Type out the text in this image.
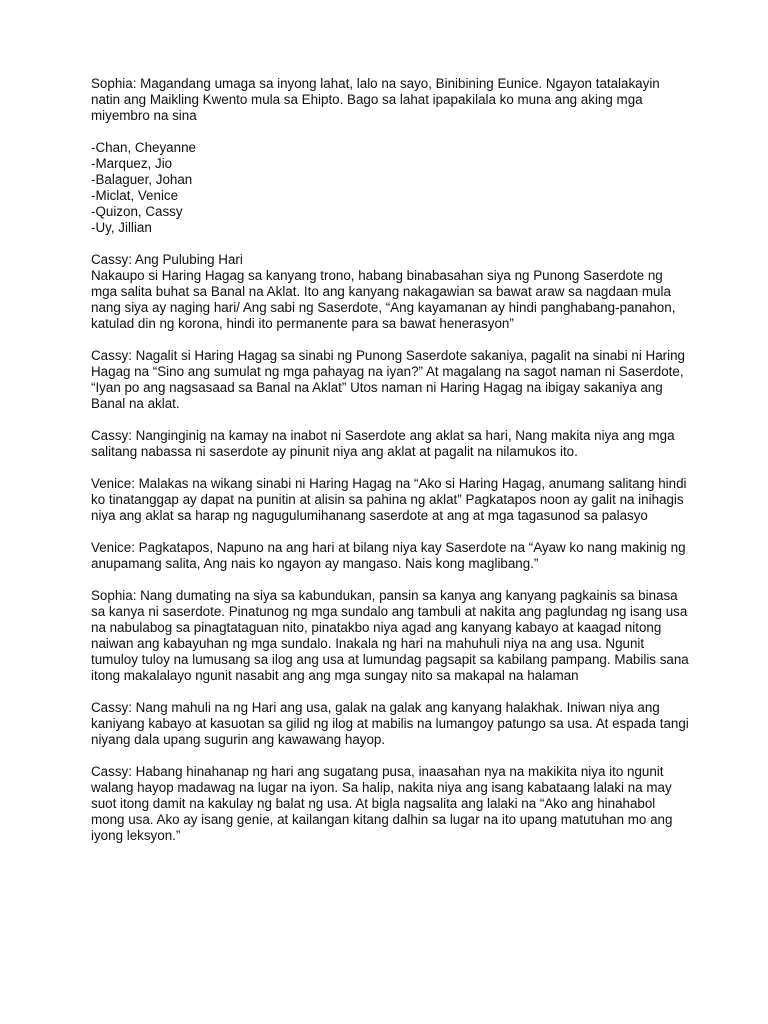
Sophia: Magandang umaga sa inyong lahat, lalo na sayo, Binibining Eunice. Ngayon tatalakayin natin ang Maikling Kwento mula sa Ehipto. Bago sa lahat ipapakilala ko muna ang aking mga miyembro na sina

-Chan, Cheyanne
-Marquez, Jio
-Balaguer, Johan
-Miclat, Venice
-Quizon, Cassy
-Uy, Jillian

Cassy: Ang Pulubing Hari
Nakaupo si Haring Hagag sa kanyang trono, habang binabasahan siya ng Punong Saserdote ng mga salita buhat sa Banal na Aklat. Ito ang kanyang nakagawian sa bawat araw sa nagdaan mula nang siya ay naging hari/ Ang sabi ng Saserdote, “Ang kayamanan ay hindi panghabang-panahon, katulad din ng korona, hindi ito permanente para sa bawat henerasyon”

Cassy: Nagalit si Haring Hagag sa sinabi ng Punong Saserdote sakaniya, pagalit na sinabi ni Haring Hagag na “Sino ang sumulat ng mga pahayag na iyan?” At magalang na sagot naman ni Saserdote, “Iyan po ang nagsasaad sa Banal na Aklat” Utos naman ni Haring Hagag na ibigay sakaniya ang Banal na aklat.

Cassy: Nanginginig na kamay na inabot ni Saserdote ang aklat sa hari, Nang makita niya ang mga salitang nabassa ni saserdote ay pinunit niya ang aklat at pagalit na nilamukos ito.

Venice: Malakas na wikang sinabi ni Haring Hagag na “Ako si Haring Hagag, anumang salitang hindi ko tinatanggap ay dapat na punitin at alisin sa pahina ng aklat” Pagkatapos noon ay galit na inihagis niya ang aklat sa harap ng nagugulumihanang saserdote at ang at mga tagasunod sa palasyo

Venice: Pagkatapos, Napuno na ang hari at bilang niya kay Saserdote na “Ayaw ko nang makinig ng anupamang salita, Ang nais ko ngayon ay mangaso. Nais kong maglibang.”

Sophia: Nang dumating na siya sa kabundukan, pansin sa kanya ang kanyang pagkainis sa binasa sa kanya ni saserdote. Pinatunog ng mga sundalo ang tambuli at nakita ang paglundag ng isang usa na nabulabog sa pinagtataguan nito, pinatakbo niya agad ang kanyang kabayo at kaagad nitong naiwan ang kabayuhan ng mga sundalo. Inakala ng hari na mahuhuli niya na ang usa. Ngunit tumuloy tuloy na lumusang sa ilog ang usa at lumundag pagsapit sa kabilang pampang. Mabilis sana itong makalalayo ngunit nasabit ang ang mga sungay nito sa makapal na halaman

Cassy: Nang mahuli na ng Hari ang usa, galak na galak ang kanyang halakhak. Iniwan niya ang kaniyang kabayo at kasuotan sa gilid ng ilog at mabilis na lumangoy patungo sa usa. At espada tangi niyang dala upang sugurin ang kawawang hayop.

Cassy: Habang hinahanap ng hari ang sugatang pusa, inaasahan nya na makikita niya ito ngunit walang hayop madawag na lugar na iyon. Sa halip, nakita niya ang isang kabataang lalaki na may suot itong damit na kakulay ng balat ng usa. At bigla nagsalita ang lalaki na “Ako ang hinahabol mong usa. Ako ay isang genie, at kailangan kitang dalhin sa lugar na ito upang matutuhan mo ang iyong leksyon.”
